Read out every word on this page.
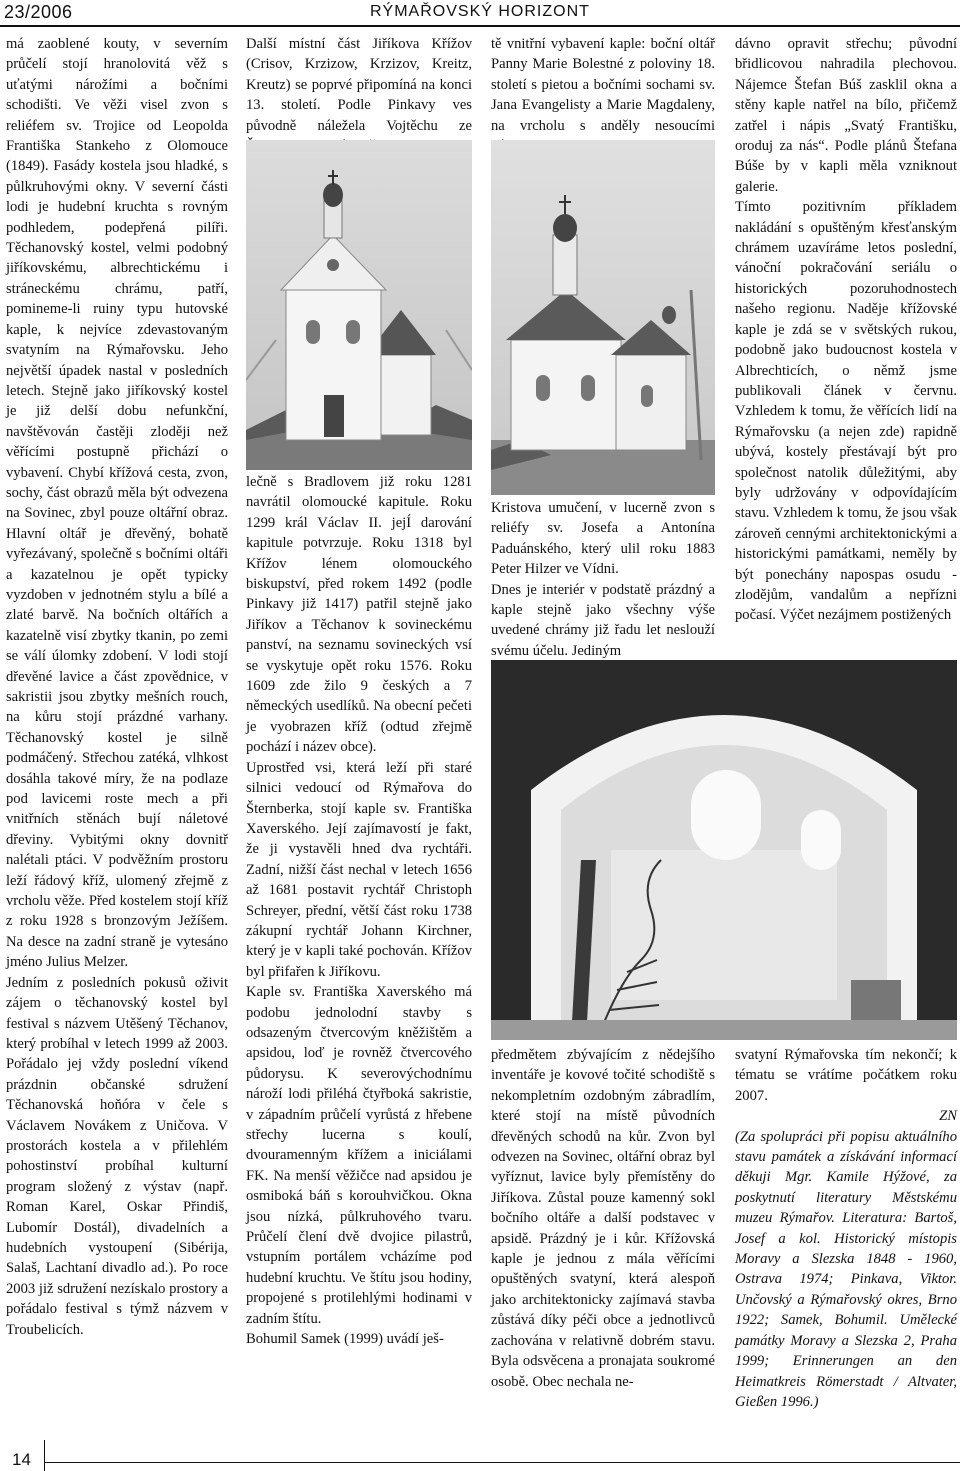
23/2006	RÝMAŘOVSKÝ HORIZONT

má zaoblené kouty, v severním průčelí stojí hranolovitá věž s uťatými nárožími a bočními schodišti. Ve věži visel zvon s reliéfem sv. Trojice od Leopolda Františka Stankeho z Olomouce (1849). Fasády kostela jsou hladké, s půlkruhovými okny. V severní části lodi je hudební kruchta s rovným podhledem, podepřená pilíři. Těchanovský kostel, velmi podobný jiříkovskému, albrechtickému i stráneckému chrámu, patří, pomineme-li ruiny typu hutovské kaple, k nejvíce zdevastovaným svatyním na Rýmařovsku. Jeho největší úpadek nastal v posledních letech. Stejně jako jiříkovský kostel je již delší dobu nefunkční, navštěvován častěji zloději než věřícími postupně přichází o vybavení. Chybí křížová cesta, zvon, sochy, část obrazů měla být odvezena na Sovinec, zbyl pouze oltářní obraz. Hlavní oltář je dřevěný, bohatě vyřezávaný, společně s bočními oltáři a kazatelnou je opět typicky vyzdoben v jednotném stylu a bílé a zlaté barvě. Na bočních oltářích a kazatelně visí zbytky tkanin, po zemi se válí úlomky zdobení. V lodi stojí dřevěné lavice a část zpovědnice, v sakristii jsou zbytky mešních rouch, na kůru stojí prázdné varhany. Těchanovský kostel je silně podmáčený. Střechou zatéká, vlhkost dosáhla takové míry, že na podlaze pod lavicemi roste mech a při vnitřních stěnách bují náletové dřeviny. Vybitými okny dovnitř nalétali ptáci. V podvěžním prostoru leží řádový kříž, ulomený zřejmě z vrcholu věže. Před kostelem stojí kříž z roku 1928 s bronzovým Ježíšem. Na desce na zadní straně je vytesáno jméno Julius Melzer.

Jedním z posledních pokusů oživit zájem o těchanovský kostel byl festival s názvem Utěšený Těchanov, který probíhal v letech 1999 až 2003. Pořádalo jej vždy poslední víkend prázdnin občanské sdružení Těchanovská hoňóra v čele s Václavem Novákem z Uničova. V prostorách kostela a v přilehlém pohostinství probíhal kulturní program složený z výstav (např. Roman Karel, Oskar Přindiš, Lubomír Dostál), divadelních a hudebních vystoupení (Sibérija, Salaš, Lachtaní divadlo ad.). Po roce 2003 již sdružení nezískalo prostory a pořádalo festival s týmž názvem v Troubelicích.

Další místní část Jiříkova Křížov (Crisov, Krzizow, Krzizov, Kreitz, Kreutz) se poprvé připomíná na konci 13. století. Podle Pinkavy ves původně náležela Vojtěchu ze

lečně s Bradlovem již roku 1281 navrátil olomoucké kapitule. Roku 1299 král Václav II. jejÍ darování kapitule potvrzuje. Roku 1318 byl Křížov lénem olomouckého biskupství, před rokem 1492 (podle Pinkavy již 1417) patřil stejně jako Jiříkov a Těchanov k sovineckému panství, na seznamu sovineckých vsí se vyskytuje opět roku 1576. Roku 1609 zde žilo 9 českých a 7 německých usedlíků. Na obecní pečeti je vyobrazen kříž (odtud zřejmě pochází i název obce).

Uprostřed vsi, která leží při staré silnici vedoucí od Rýmařova do Šternberka, stojí kaple sv. Františka Xaverského. Její zajímavostí je fakt, že ji vystavěli hned dva rychtáři. Zadní, nižší část nechal v letech 1656 až 1681 postavit rychtář Christoph Schreyer, přední, větší část roku 1738 zákupní rychtář Johann Kirchner, který je v kapli také pochován. Křížov byl přifařen k Jiříkovu.

Kaple sv. Františka Xaverského má podobu jednolodní stavby s odsazeným čtvercovým kněžištěm a apsidou, loď je rovněž čtvercového půdorysu. K severovýchodnímu nároží lodi přiléhá čtyřboká sakristie, v západním průčelí vyrůstá z hřebene střechy lucerna s koulí, dvouramenným křížem a iniciálami FK. Na menší věžičce nad apsidou je osmiboká báň s korouhvičkou. Okna jsou nízká, půlkruhového tvaru. Průčelí člení dvě dvojice pilastrů, vstupním portálem vcházíme pod hudební kruchtu. Ve štítu jsou hodiny, propojené s protilehlými hodinami v zadním štítu.

Bohumil Samek (1999) uvádí ješ-

tě vnitřní vybavení kaple: boční oltář Panny Marie Bolestné z poloviny 18. století s pietou a bočními sochami sv. Jana Evangelisty a Marie Magdaleny, na vrcholu s anděly nesoucími

Kristova umučení, v lucerně zvon s reliéfy sv. Josefa a Antonína Paduánského, který ulil roku 1883 Peter Hilzer ve Vídni.

Dnes je interiér v podstatě prázdný a kaple stejně jako všechny výše uvedené chrámy již řadu let neslouží svému účelu. Jediným

předmětem zbývajícím z nědejšího inventáře je kovové točité schodiště s nekompletním ozdobným zábradlím, které stojí na místě původních dřevěných schodů na kůr. Zvon byl odvezen na Sovinec, oltářní obraz byl vyříznut, lavice byly přemístěny do Jiříkova. Zůstal pouze kamenný sokl bočního oltáře a další podstavec v apsidě. Prázdný je i kůr. Křížovská kaple je jednou z mála věřícími opuštěných svatyní, která alespoň jako architektonicky zajímavá stavba zůstává díky péči obce a jednotlivců zachována v relativně dobrém stavu. Byla odsvěcena a pronajata soukromé osobě. Obec nechala ne-

dávno opravit střechu; původní břidlicovou nahradila plechovou. Nájemce Štefan Búš zasklil okna a stěny kaple natřel na bílo, přičemž zatřel i nápis „Svatý Františku, oroduj za nás“. Podle plánů Štefana Búše by v kapli měla vzniknout galerie.

Tímto pozitivním příkladem nakládání s opuštěným křesťanským chrámem uzavíráme letos poslední, vánoční pokračování seriálu o historických pozoruhodnostech našeho regionu. Naděje křížovské kaple je zdá se v světských rukou, podobně jako budoucnost kostela v Albrechticích, o němž jsme publikovali článek v červnu. Vzhledem k tomu, že věřících lidí na Rýmařovsku (a nejen zde) rapidně ubývá, kostely přestávají být pro společnost natolik důležitými, aby byly udržovány v odpovídajícím stavu. Vzhledem k tomu, že jsou však zároveň cennými architektonickými a historickými památkami, neměly by být ponechány napospas osudu - zlodějům, vandalům a nepřízni počasí. Výčet nezájmem postižených

svatyní Rýmařovska tím nekončí; k tématu se vrátíme počátkem roku 2007.

ZN

(Za spolupráci při popisu aktuálního stavu památek a získávání informací děkuji Mgr. Kamile Hýžové, za poskytnutí literatury Městskému muzeu Rýmařov. Literatura: Bartoš, Josef a kol. Historický místopis Moravy a Slezska 1848 - 1960, Ostrava 1974; Pinkava, Viktor. Unčovský a Rýmařovský okres, Brno 1922; Samek, Bohumil. Umělecké památky Moravy a Slezska 2, Praha 1999; Erinnerungen an den Heimatkreis Römerstadt / Altvater, Gießen 1996.)

14
